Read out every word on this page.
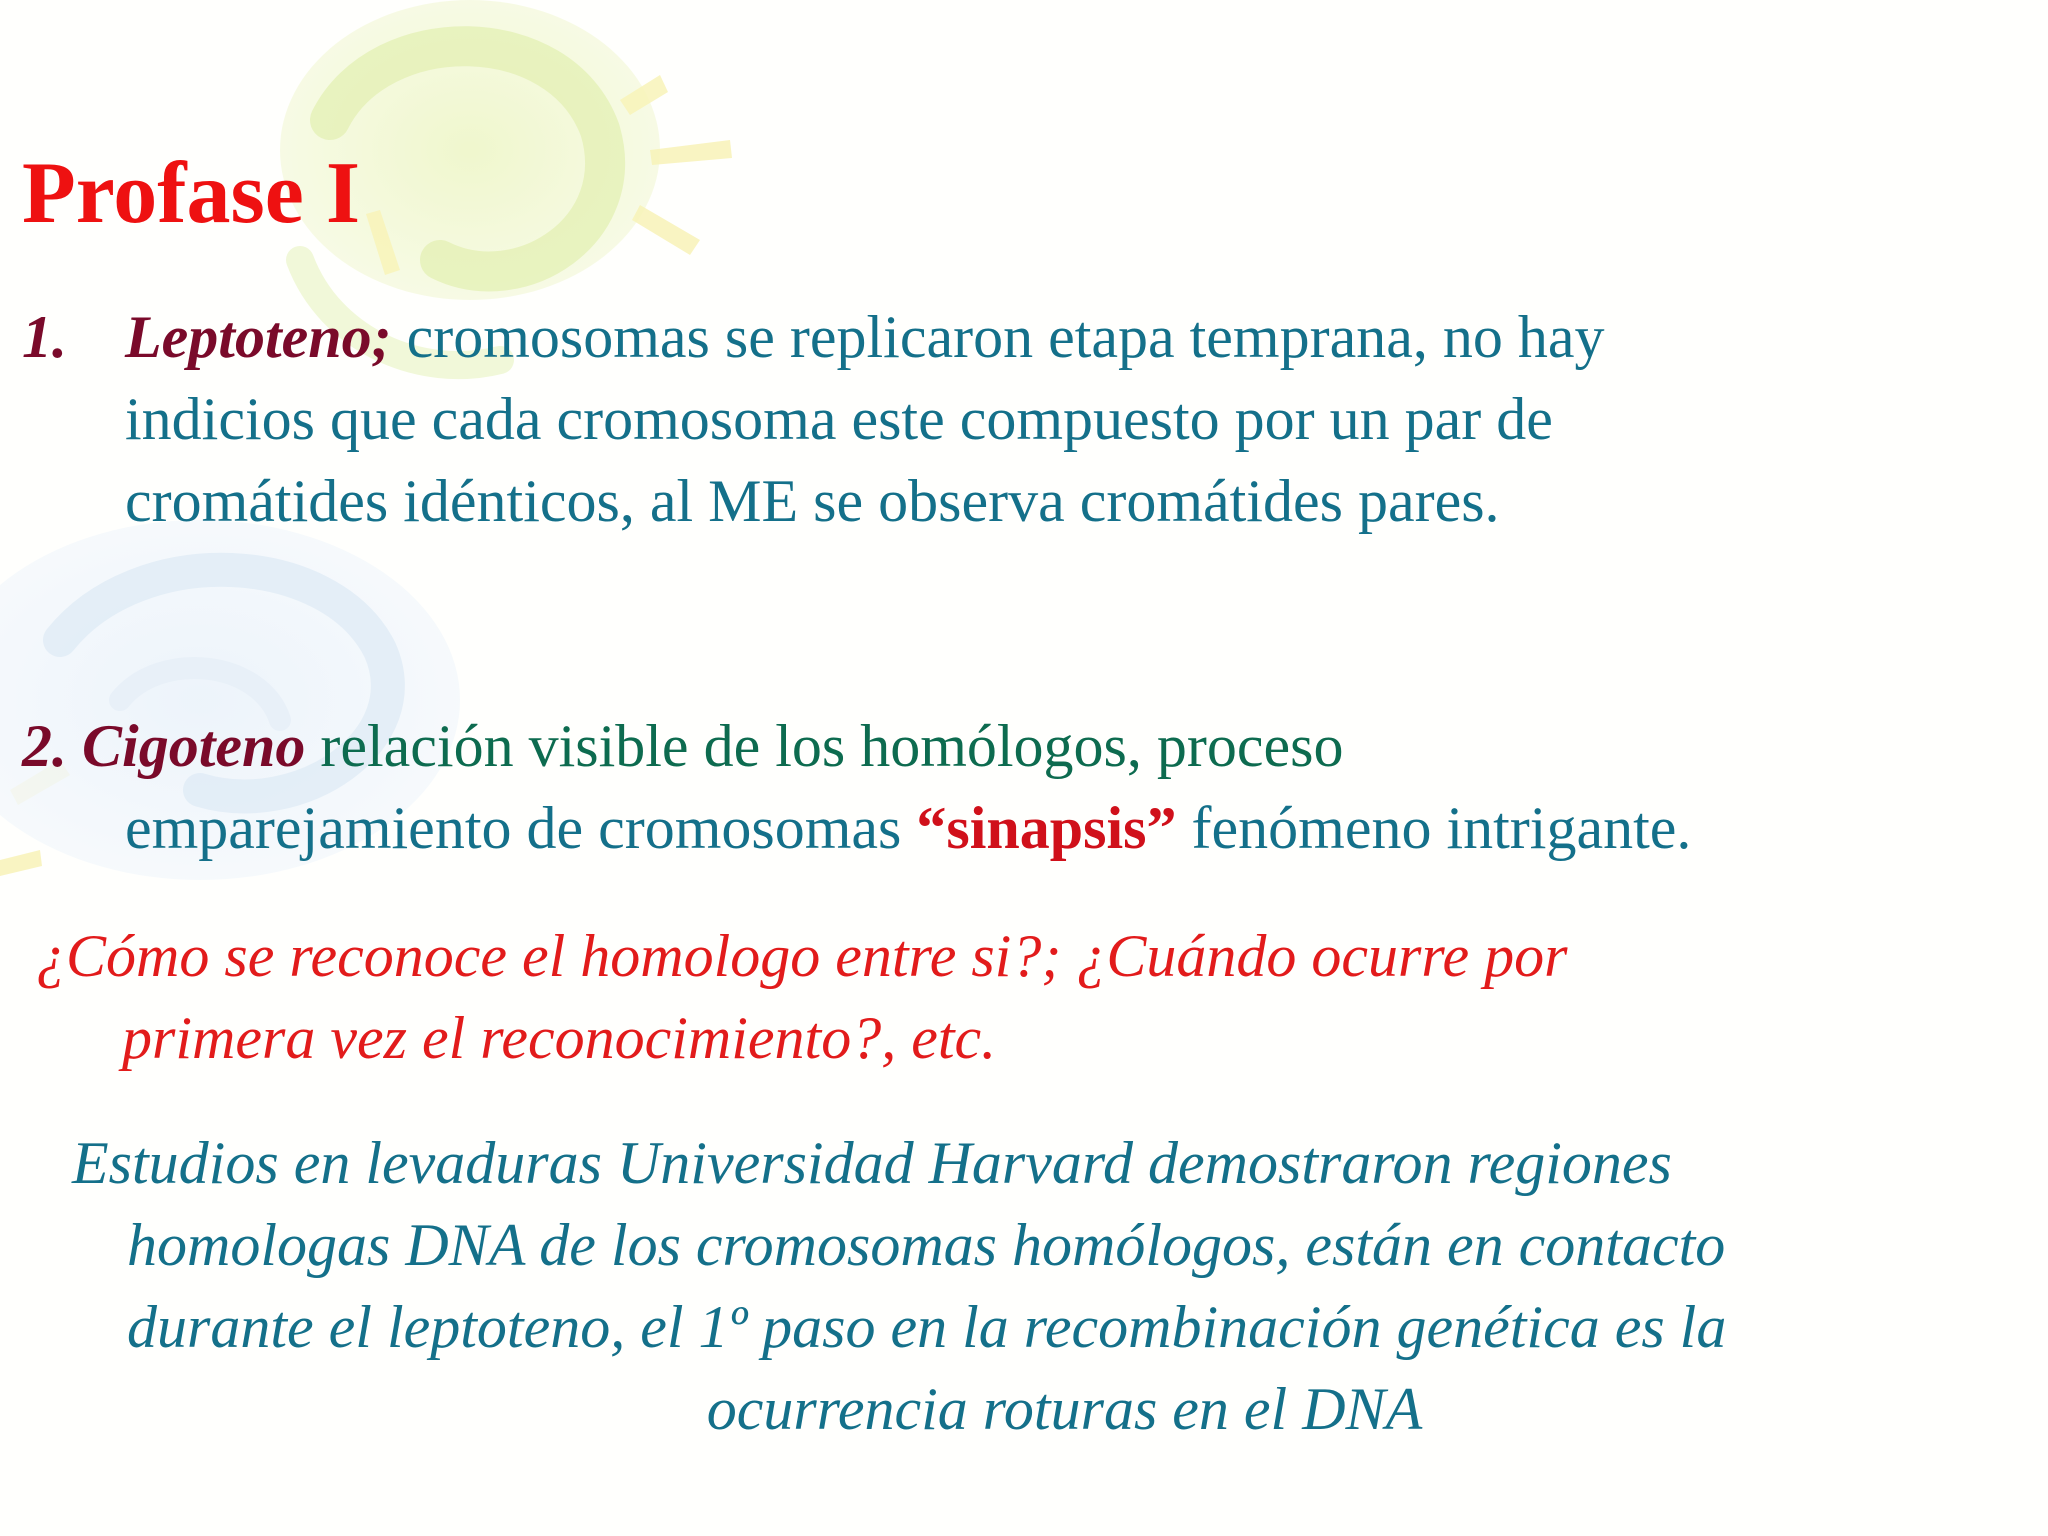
Profase I

1. Leptoteno; cromosomas se replicaron etapa temprana, no hay
indicios que cada cromosoma este compuesto por un par de
cromátides idénticos, al ME se observa cromátides pares.

2. Cigoteno relación visible de los homólogos, proceso
emparejamiento de cromosomas “sinapsis” fenómeno intrigante.

¿Cómo se reconoce el homologo entre si?; ¿Cuándo ocurre por
primera vez el reconocimiento?, etc.

Estudios en levaduras Universidad Harvard demostraron regiones
homologas DNA de los cromosomas homólogos, están en contacto
durante el leptoteno, el 1º paso en la recombinación genética es la
ocurrencia roturas en el DNA
